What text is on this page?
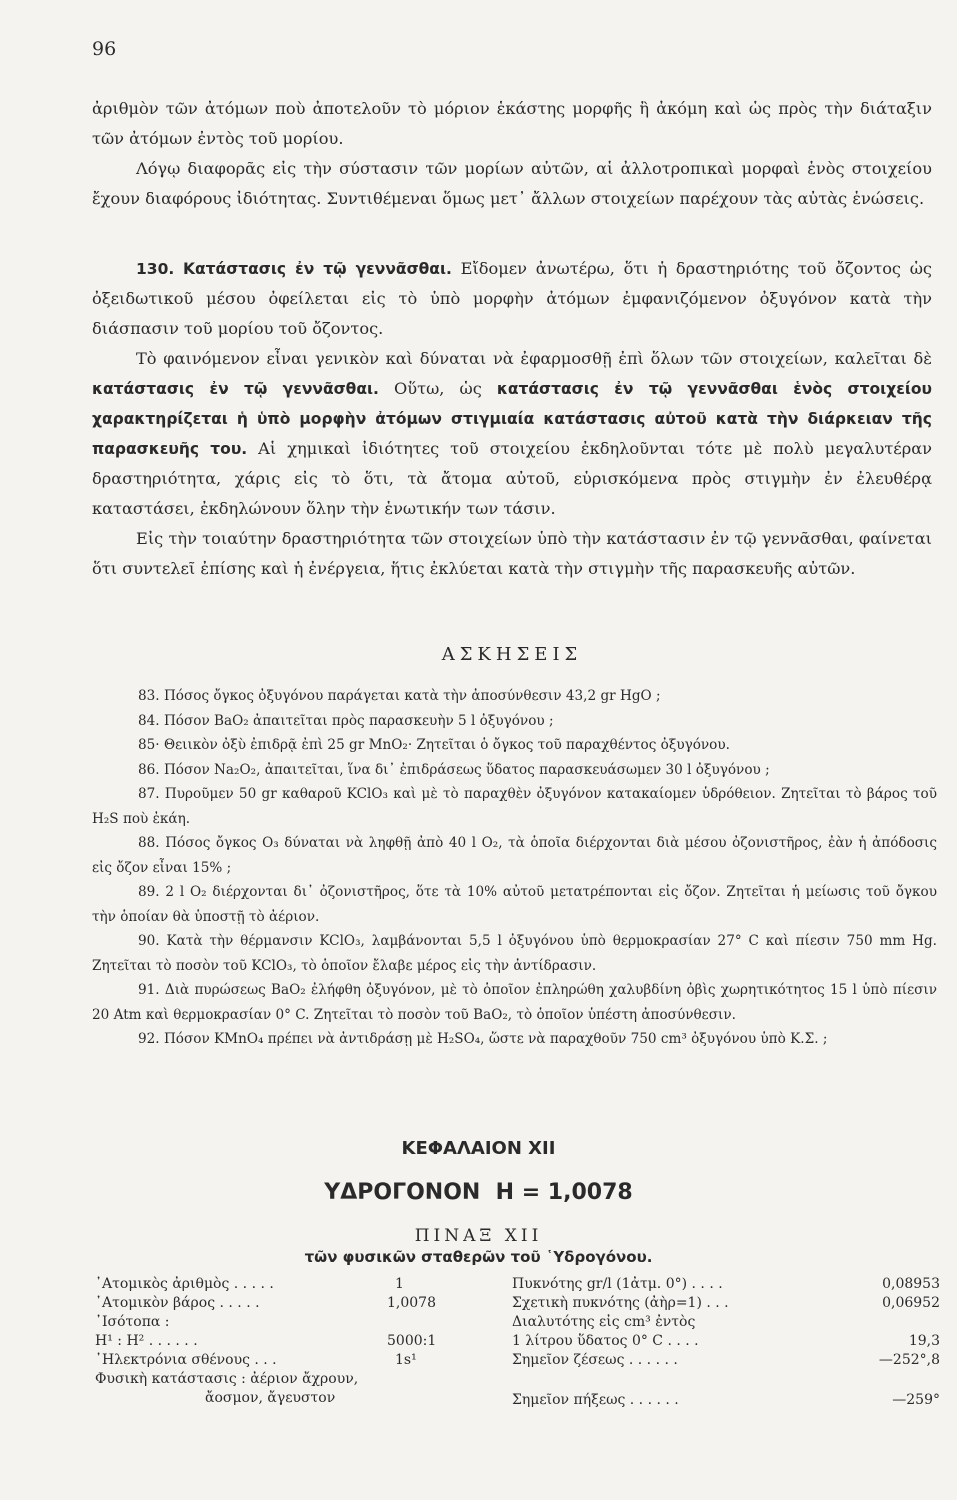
96
ἀριθμὸν τῶν ἀτόμων ποὺ ἀποτελοῦν τὸ μόριον ἑκάστης μορφῆς ἢ ἀκόμη καὶ ὡς πρὸς τὴν διάταξιν τῶν ἀτόμων ἐντὸς τοῦ μορίου.
Λόγῳ διαφορᾶς εἰς τὴν σύστασιν τῶν μορίων αὐτῶν, αἱ ἀλλοτροπικαὶ μορφαὶ ἑνὸς στοιχείου ἔχουν διαφόρους ἰδιότητας. Συντιθέμεναι ὅμως μετ᾿ ἄλλων στοιχείων παρέχουν τὰς αὐτὰς ἑνώσεις.
130. Κατάστασις ἐν τῷ γεννᾶσθαι. Εἴδομεν ἀνωτέρω, ὅτι ἡ δραστηριότης τοῦ ὄζοντος ὡς ὀξειδωτικοῦ μέσου ὀφείλεται εἰς τὸ ὑπὸ μορφὴν ἀτόμων ἐμφανιζόμενον ὀξυγόνον κατὰ τὴν διάσπασιν τοῦ μορίου τοῦ ὄζοντος.
Τὸ φαινόμενον εἶναι γενικὸν καὶ δύναται νὰ ἐφαρμοσθῇ ἐπὶ ὅλων τῶν στοιχείων, καλεῖται δὲ κατάστασις ἐν τῷ γεννᾶσθαι. Οὕτω, ὡς κατάστασις ἐν τῷ γεννᾶσθαι ἑνὸς στοιχείου χαρακτηρίζεται ἡ ὑπὸ μορφὴν ἀτόμων στιγμιαία κατάστασις αὐτοῦ κατὰ τὴν διάρκειαν τῆς παρασκευῆς του. Αἱ χημικαὶ ἰδιότητες τοῦ στοιχείου ἐκδηλοῦνται τότε μὲ πολὺ μεγαλυτέραν δραστηριότητα, χάρις εἰς τὸ ὅτι, τὰ ἄτομα αὐτοῦ, εὑρισκόμενα πρὸς στιγμὴν ἐν ἐλευθέρᾳ καταστάσει, ἐκδηλώνουν ὅλην τὴν ἑνωτικήν των τάσιν.
Εἰς τὴν τοιαύτην δραστηριότητα τῶν στοιχείων ὑπὸ τὴν κατάστασιν ἐν τῷ γεννᾶσθαι, φαίνεται ὅτι συντελεῖ ἐπίσης καὶ ἡ ἐνέργεια, ἥτις ἐκλύεται κατὰ τὴν στιγμὴν τῆς παρασκευῆς αὐτῶν.
ΑΣΚΗΣΕΙΣ

83. Πόσος ὄγκος ὀξυγόνου παράγεται κατὰ τὴν ἀποσύνθεσιν 43,2 gr HgO ;

84. Πόσον BaO₂ ἀπαιτεῖται πρὸς παρασκευὴν 5 l ὀξυγόνου ;

85· Θειικὸν ὀξὺ ἐπιδρᾷ ἐπὶ 25 gr MnO₂· Ζητεῖται ὁ ὄγκος τοῦ παραχθέντος ὀξυγόνου.

86. Πόσον Na₂O₂, ἀπαιτεῖται, ἵνα δι᾿ ἐπιδράσεως ὕδατος παρασκευάσωμεν 30 l ὀξυγόνου ;

87. Πυροῦμεν 50 gr καθαροῦ KClO₃ καὶ μὲ τὸ παραχθὲν ὀξυγόνον κατακαίομεν ὑδρόθειον. Ζητεῖται τὸ βάρος τοῦ H₂S ποὺ ἐκάη.

88. Πόσος ὄγκος O₃ δύναται νὰ ληφθῇ ἀπὸ 40 l O₂, τὰ ὁποῖα διέρχονται διὰ μέσου ὀζονιστῆρος, ἐὰν ἡ ἀπόδοσις εἰς ὄζον εἶναι 15% ;

89. 2 l O₂ διέρχονται δι᾿ ὀζονιστῆρος, ὅτε τὰ 10% αὐτοῦ μετατρέπονται εἰς ὄζον. Ζητεῖται ἡ μείωσις τοῦ ὄγκου τὴν ὁποίαν θὰ ὑποστῇ τὸ ἀέριον.

90. Κατὰ τὴν θέρμανσιν KClO₃, λαμβάνονται 5,5 l ὀξυγόνου ὑπὸ θερμοκρασίαν 27° C καὶ πίεσιν 750 mm Hg. Ζητεῖται τὸ ποσὸν τοῦ KClO₃, τὸ ὁποῖον ἔλαβε μέρος εἰς τὴν ἀντίδρασιν.

91. Διὰ πυρώσεως BaO₂ ἐλήφθη ὀξυγόνον, μὲ τὸ ὁποῖον ἐπληρώθη χαλυβδίνη ὀβὶς χωρητικότητος 15 l ὑπὸ πίεσιν 20 Atm καὶ θερμοκρασίαν 0° C. Ζητεῖται τὸ ποσὸν τοῦ BaO₂, τὸ ὁποῖον ὑπέστη ἀποσύνθεσιν.

92. Πόσον KMnO₄ πρέπει νὰ ἀντιδράσῃ μὲ H₂SO₄, ὥστε νὰ παραχθοῦν 750 cm³ ὀξυγόνου ὑπὸ Κ.Σ. ;

ΚΕΦΑΛΑΙΟΝ XII
ΥΔΡΟΓΟΝΟΝ  H = 1,0078
ΠΙΝΑΞ XII
τῶν φυσικῶν σταθερῶν τοῦ ῾Υδρογόνου.
᾿Ατομικὸς ἀριθμὸς . . . . .	1
᾿Ατομικὸν βάρος . . . . .	1,0078
᾿Ισότοπα :
H¹ : H² . . . . . .	5000:1
᾿Ηλεκτρόνια σθένους . . .	1s¹
Φυσικὴ κατάστασις : ἀέριον ἄχρουν,
ἄοσμον, ἄγευστον
Πυκνότης gr/l (1ἀτμ. 0°) . . . .	0,08953
Σχετικὴ πυκνότης (ἀὴρ=1) . . .	0,06952
Διαλυτότης εἰς cm³ ἐντὸς
1 λίτρου ὕδατος 0° C . . . .	19,3
Σημεῖον ζέσεως . . . . . .	—252°,8
Σημεῖον πήξεως . . . . . .	—259°
